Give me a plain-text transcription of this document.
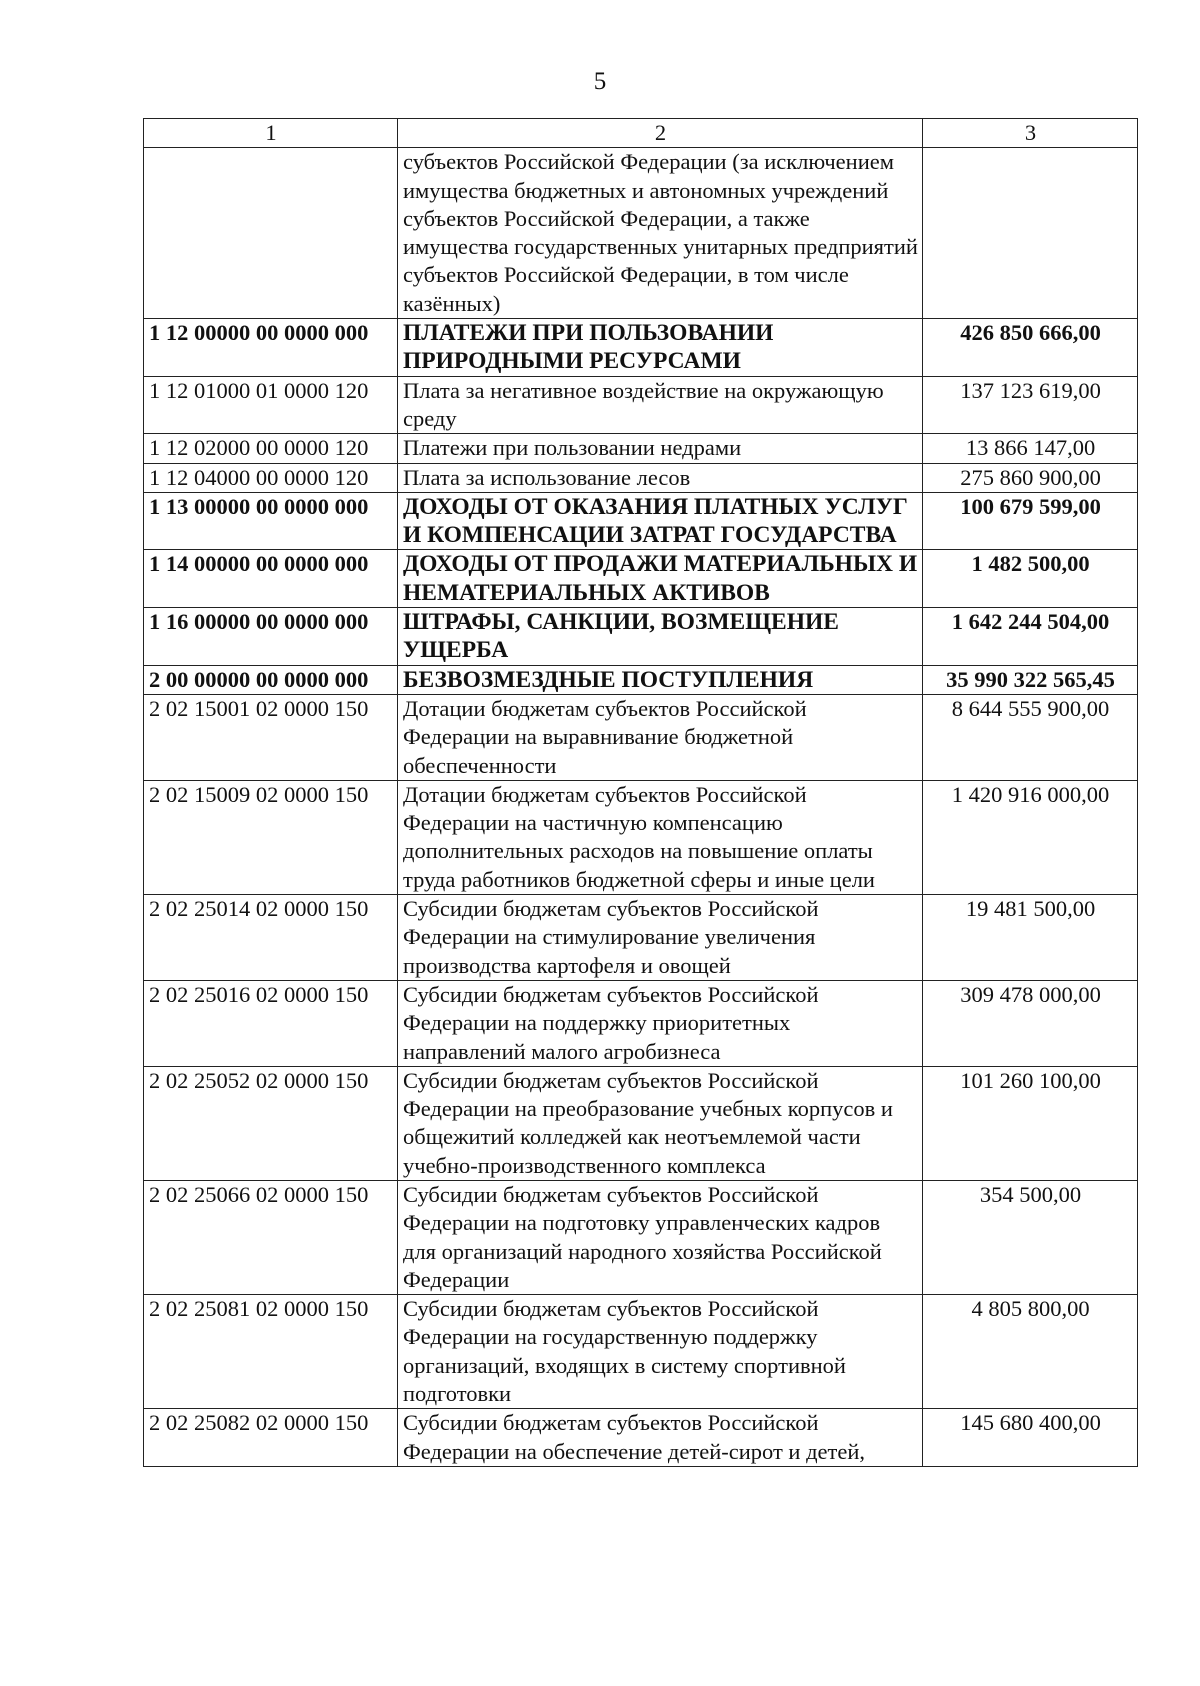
5
1	2	3
	субъектов Российской Федерации (за исключением имущества бюджетных и автономных учреждений субъектов Российской Федерации, а также имущества государственных унитарных предприятий субъектов Российской Федерации, в том числе казённых)	
1 12 00000 00 0000 000	ПЛАТЕЖИ ПРИ ПОЛЬЗОВАНИИ ПРИРОДНЫМИ РЕСУРСАМИ	426 850 666,00
1 12 01000 01 0000 120	Плата за негативное воздействие на окружающую среду	137 123 619,00
1 12 02000 00 0000 120	Платежи при пользовании недрами	13 866 147,00
1 12 04000 00 0000 120	Плата за использование лесов	275 860 900,00
1 13 00000 00 0000 000	ДОХОДЫ ОТ ОКАЗАНИЯ ПЛАТНЫХ УСЛУГ И КОМПЕНСАЦИИ ЗАТРАТ ГОСУДАРСТВА	100 679 599,00
1 14 00000 00 0000 000	ДОХОДЫ ОТ ПРОДАЖИ МАТЕРИАЛЬНЫХ И НЕМАТЕРИАЛЬНЫХ АКТИВОВ	1 482 500,00
1 16 00000 00 0000 000	ШТРАФЫ, САНКЦИИ, ВОЗМЕЩЕНИЕ УЩЕРБА	1 642 244 504,00
2 00 00000 00 0000 000	БЕЗВОЗМЕЗДНЫЕ ПОСТУПЛЕНИЯ	35 990 322 565,45
2 02 15001 02 0000 150	Дотации бюджетам субъектов Российской Федерации на выравнивание бюджетной обеспеченности	8 644 555 900,00
2 02 15009 02 0000 150	Дотации бюджетам субъектов Российской Федерации на частичную компенсацию дополнительных расходов на повышение оплаты труда работников бюджетной сферы и иные цели	1 420 916 000,00
2 02 25014 02 0000 150	Субсидии бюджетам субъектов Российской Федерации на стимулирование увеличения производства картофеля и овощей	19 481 500,00
2 02 25016 02 0000 150	Субсидии бюджетам субъектов Российской Федерации на поддержку приоритетных направлений малого агробизнеса	309 478 000,00
2 02 25052 02 0000 150	Субсидии бюджетам субъектов Российской Федерации на преобразование учебных корпусов и общежитий колледжей как неотъемлемой части учебно-производственного комплекса	101 260 100,00
2 02 25066 02 0000 150	Субсидии бюджетам субъектов Российской Федерации на подготовку управленческих кадров для организаций народного хозяйства Российской Федерации	354 500,00
2 02 25081 02 0000 150	Субсидии бюджетам субъектов Российской Федерации на государственную поддержку организаций, входящих в систему спортивной подготовки	4 805 800,00
2 02 25082 02 0000 150	Субсидии бюджетам субъектов Российской Федерации на обеспечение детей-сирот и детей,	145 680 400,00
